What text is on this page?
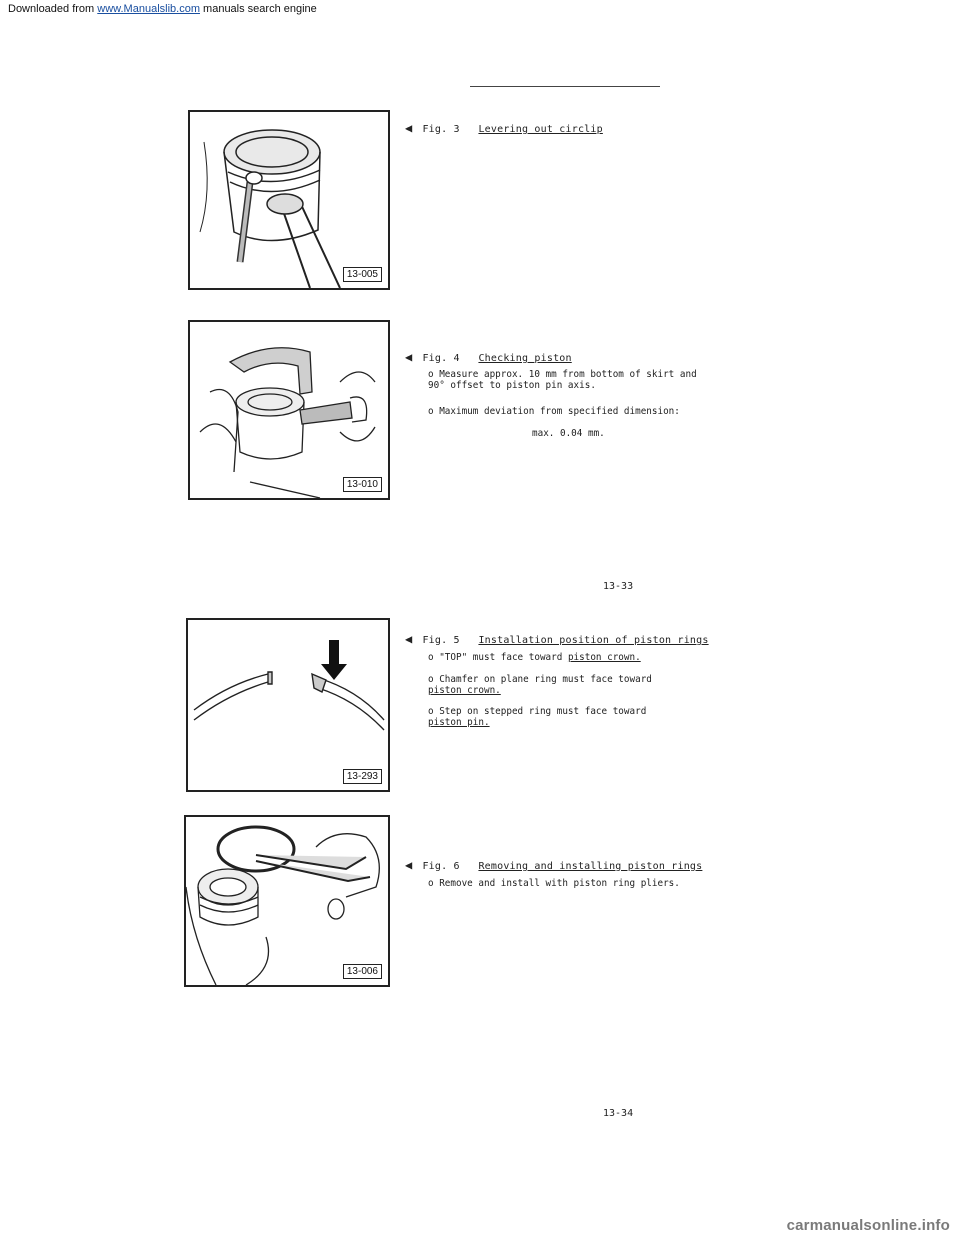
Downloaded from www.Manualslib.com manuals search engine
13-005
◀ Fig. 3 Levering out circlip
13-010
◀ Fig. 4 Checking piston
o Measure approx. 10 mm from bottom of skirt and 90° offset to piston pin axis.
o Maximum deviation from specified dimension:
max. 0.04 mm.
13-33
13-293
◀ Fig. 5 Installation position of piston rings
o "TOP" must face toward piston crown.
o Chamfer on plane ring must face toward piston crown.
o Step on stepped ring must face toward piston pin.
13-006
◀ Fig. 6 Removing and installing piston rings
o Remove and install with piston ring pliers.
13-34
carmanualsonline.info
